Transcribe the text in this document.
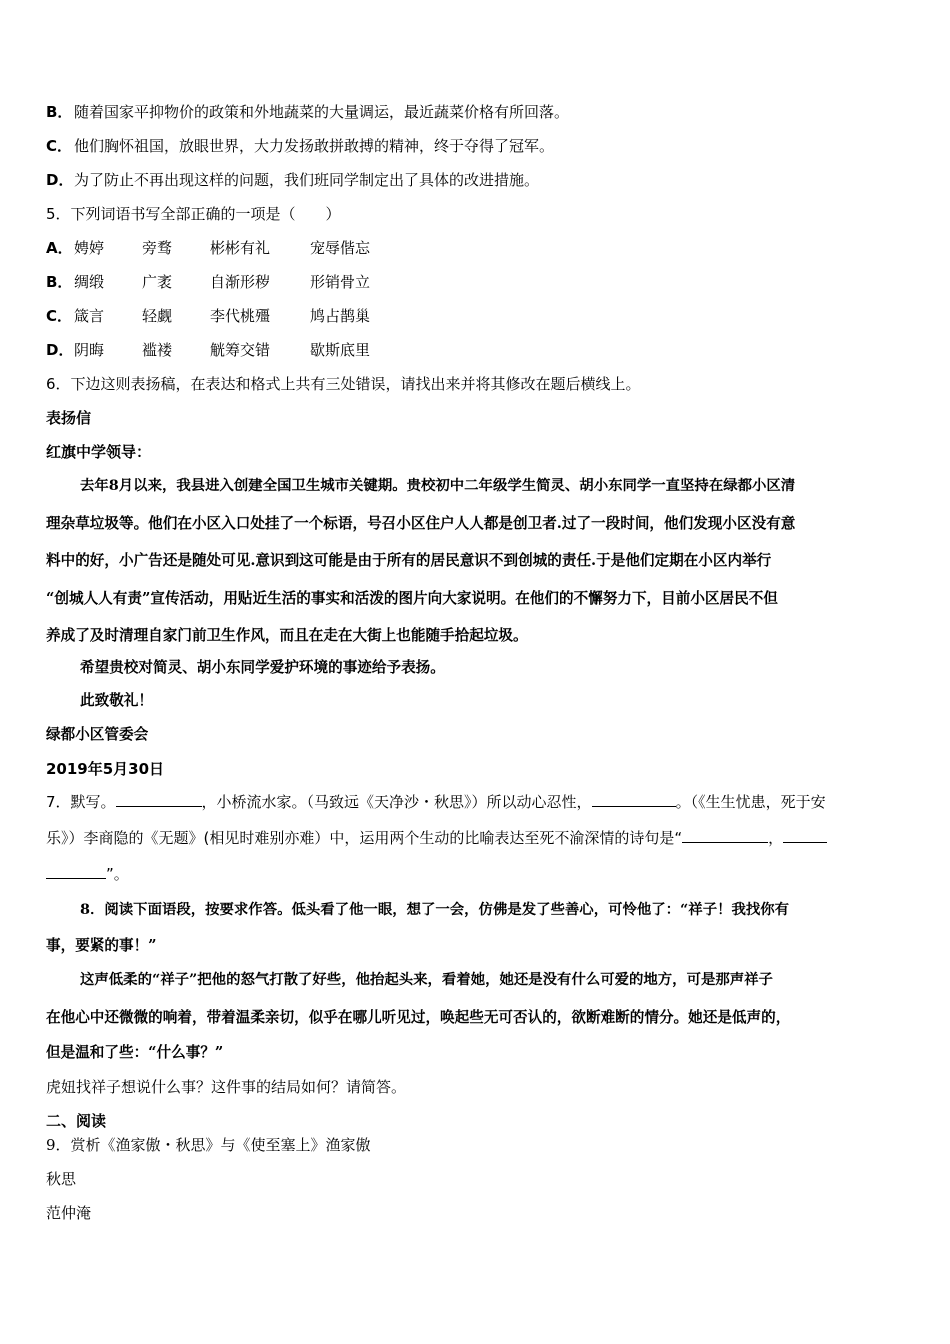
B． 随着国家平抑物价的政策和外地蔬菜的大量调运，最近蔬菜价格有所回落。
C． 他们胸怀祖国，放眼世界，大力发扬敢拼敢搏的精神，终于夺得了冠军。
D．为了防止不再出现这样的问题，我们班同学制定出了具体的改进措施。
5．下列词语书写全部正确的一项是（　　）
A．娉婷	旁骛	彬彬有礼	宠辱偕忘
B． 绸缎	广袤	自渐形秽	形销骨立
C． 箴言	轻觑	李代桃殭	鸠占鹊巢
D．阴晦	褴褛	觥筹交错	歇斯底里
6．下边这则表扬稿，在表达和格式上共有三处错误，请找出来并将其修改在题后横线上。
表扬信
红旗中学领导：
去年8月以来，我县进入创建全国卫生城市关键期。贵校初中二年级学生简灵、胡小东同学一直坚持在绿都小区清
理杂草垃圾等。他们在小区入口处挂了一个标语，号召小区住户人人都是创卫者.过了一段时间，他们发现小区没有意
料中的好，小广告还是随处可见.意识到这可能是由于所有的居民意识不到创城的责任.于是他们定期在小区内举行
“创城人人有责”宣传活动，用贴近生活的事实和活泼的图片向大家说明。在他们的不懈努力下，目前小区居民不但
养成了及时清理自家门前卫生作风，而且在走在大街上也能随手拾起垃圾。
希望贵校对简灵、胡小东同学爱护环境的事迹给予表扬。
此致敬礼！
绿都小区管委会
2019年5月30日
7．默写。	，小桥流水家。（马致远《天净沙・秋思》）所以动心忍性，	。（《生生忧患，死于安
乐》）李商隐的《无题》(相见时难别亦难）中，运用两个生动的比喻表达至死不渝深情的诗句是“	，
”。
8．阅读下面语段，按要求作答。低头看了他一眼，想了一会，仿佛是发了些善心，可怜他了：“祥子！我找你有
事，要紧的事！”
这声低柔的“祥子”把他的怒气打散了好些，他抬起头来，看着她，她还是没有什么可爱的地方，可是那声祥子
在他心中还微微的响着，带着温柔亲切，似乎在哪儿听见过，唤起些无可否认的，欲断难断的情分。她还是低声的，
但是温和了些：“什么事？”
虎妞找祥子想说什么事？这件事的结局如何？请简答。
二、阅读
9．赏析《渔家傲・秋思》与《使至塞上》渔家傲
秋思
范仲淹
